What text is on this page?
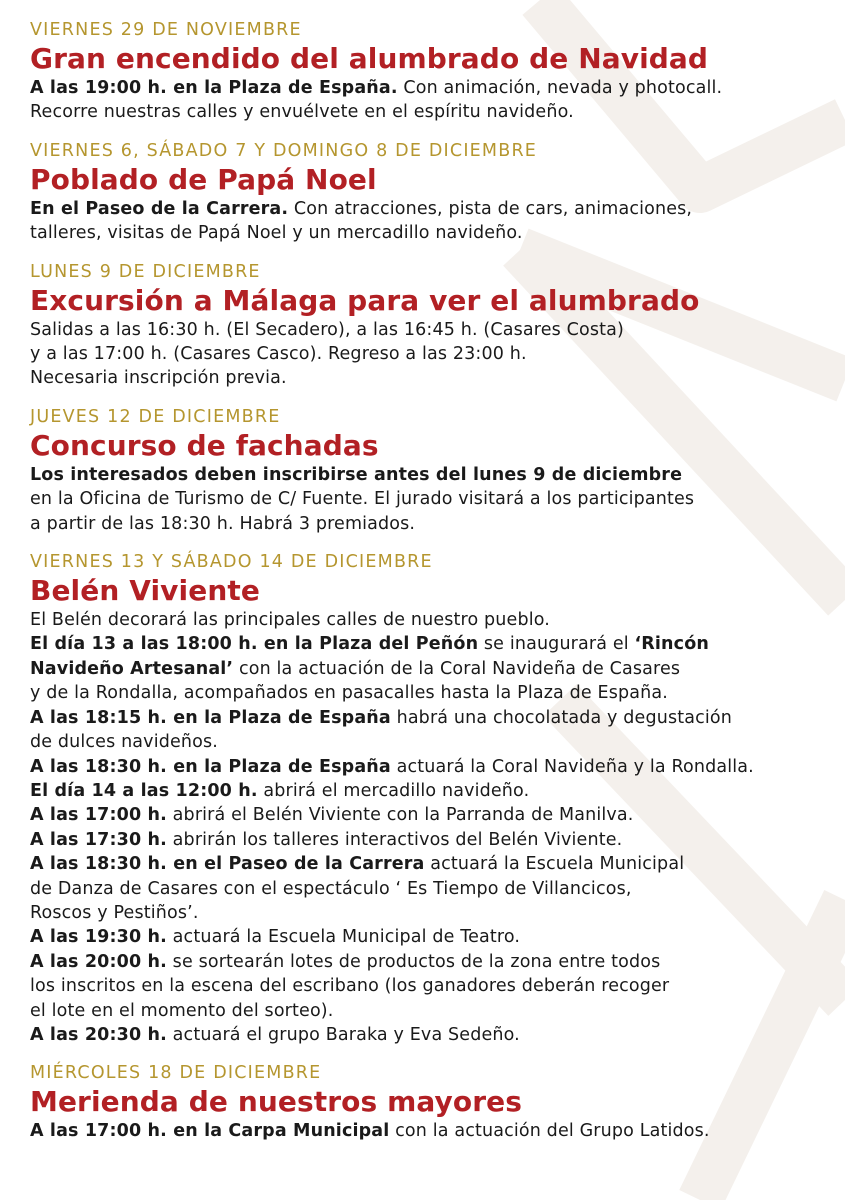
VIERNES 29 DE NOVIEMBRE
Gran encendido del alumbrado de Navidad
A las 19:00 h. en la Plaza de España. Con animación, nevada y photocall.
Recorre nuestras calles y envuélvete en el espíritu navideño.
VIERNES 6, SÁBADO 7 Y DOMINGO 8 DE DICIEMBRE
Poblado de Papá Noel
En el Paseo de la Carrera. Con atracciones, pista de cars, animaciones,
talleres, visitas de Papá Noel y un mercadillo navideño.
LUNES 9 DE DICIEMBRE
Excursión a Málaga para ver el alumbrado
Salidas a las 16:30 h. (El Secadero), a las 16:45 h. (Casares Costa)
y a las 17:00 h. (Casares Casco). Regreso a las 23:00 h.
Necesaria inscripción previa.
JUEVES 12 DE DICIEMBRE
Concurso de fachadas
Los interesados deben inscribirse antes del lunes 9 de diciembre
en la Oficina de Turismo de C/ Fuente. El jurado visitará a los participantes
a partir de las 18:30 h. Habrá 3 premiados.
VIERNES 13 Y SÁBADO 14 DE DICIEMBRE
Belén Viviente
El Belén decorará las principales calles de nuestro pueblo.
El día 13 a las 18:00 h. en la Plaza del Peñón se inaugurará el ‘Rincón
Navideño Artesanal’ con la actuación de la Coral Navideña de Casares
y de la Rondalla, acompañados en pasacalles hasta la Plaza de España.
A las 18:15 h. en la Plaza de España habrá una chocolatada y degustación
de dulces navideños.
A las 18:30 h. en la Plaza de España actuará la Coral Navideña y la Rondalla.
El día 14 a las 12:00 h. abrirá el mercadillo navideño.
A las 17:00 h. abrirá el Belén Viviente con la Parranda de Manilva.
A las 17:30 h. abrirán los talleres interactivos del Belén Viviente.
A las 18:30 h. en el Paseo de la Carrera actuará la Escuela Municipal
de Danza de Casares con el espectáculo ‘ Es Tiempo de Villancicos,
Roscos y Pestiños’.
A las 19:30 h. actuará la Escuela Municipal de Teatro.
A las 20:00 h. se sortearán lotes de productos de la zona entre todos
los inscritos en la escena del escribano (los ganadores deberán recoger
el lote en el momento del sorteo).
A las 20:30 h. actuará el grupo Baraka y Eva Sedeño.
MIÉRCOLES 18 DE DICIEMBRE
Merienda de nuestros mayores
A las 17:00 h. en la Carpa Municipal con la actuación del Grupo Latidos.
